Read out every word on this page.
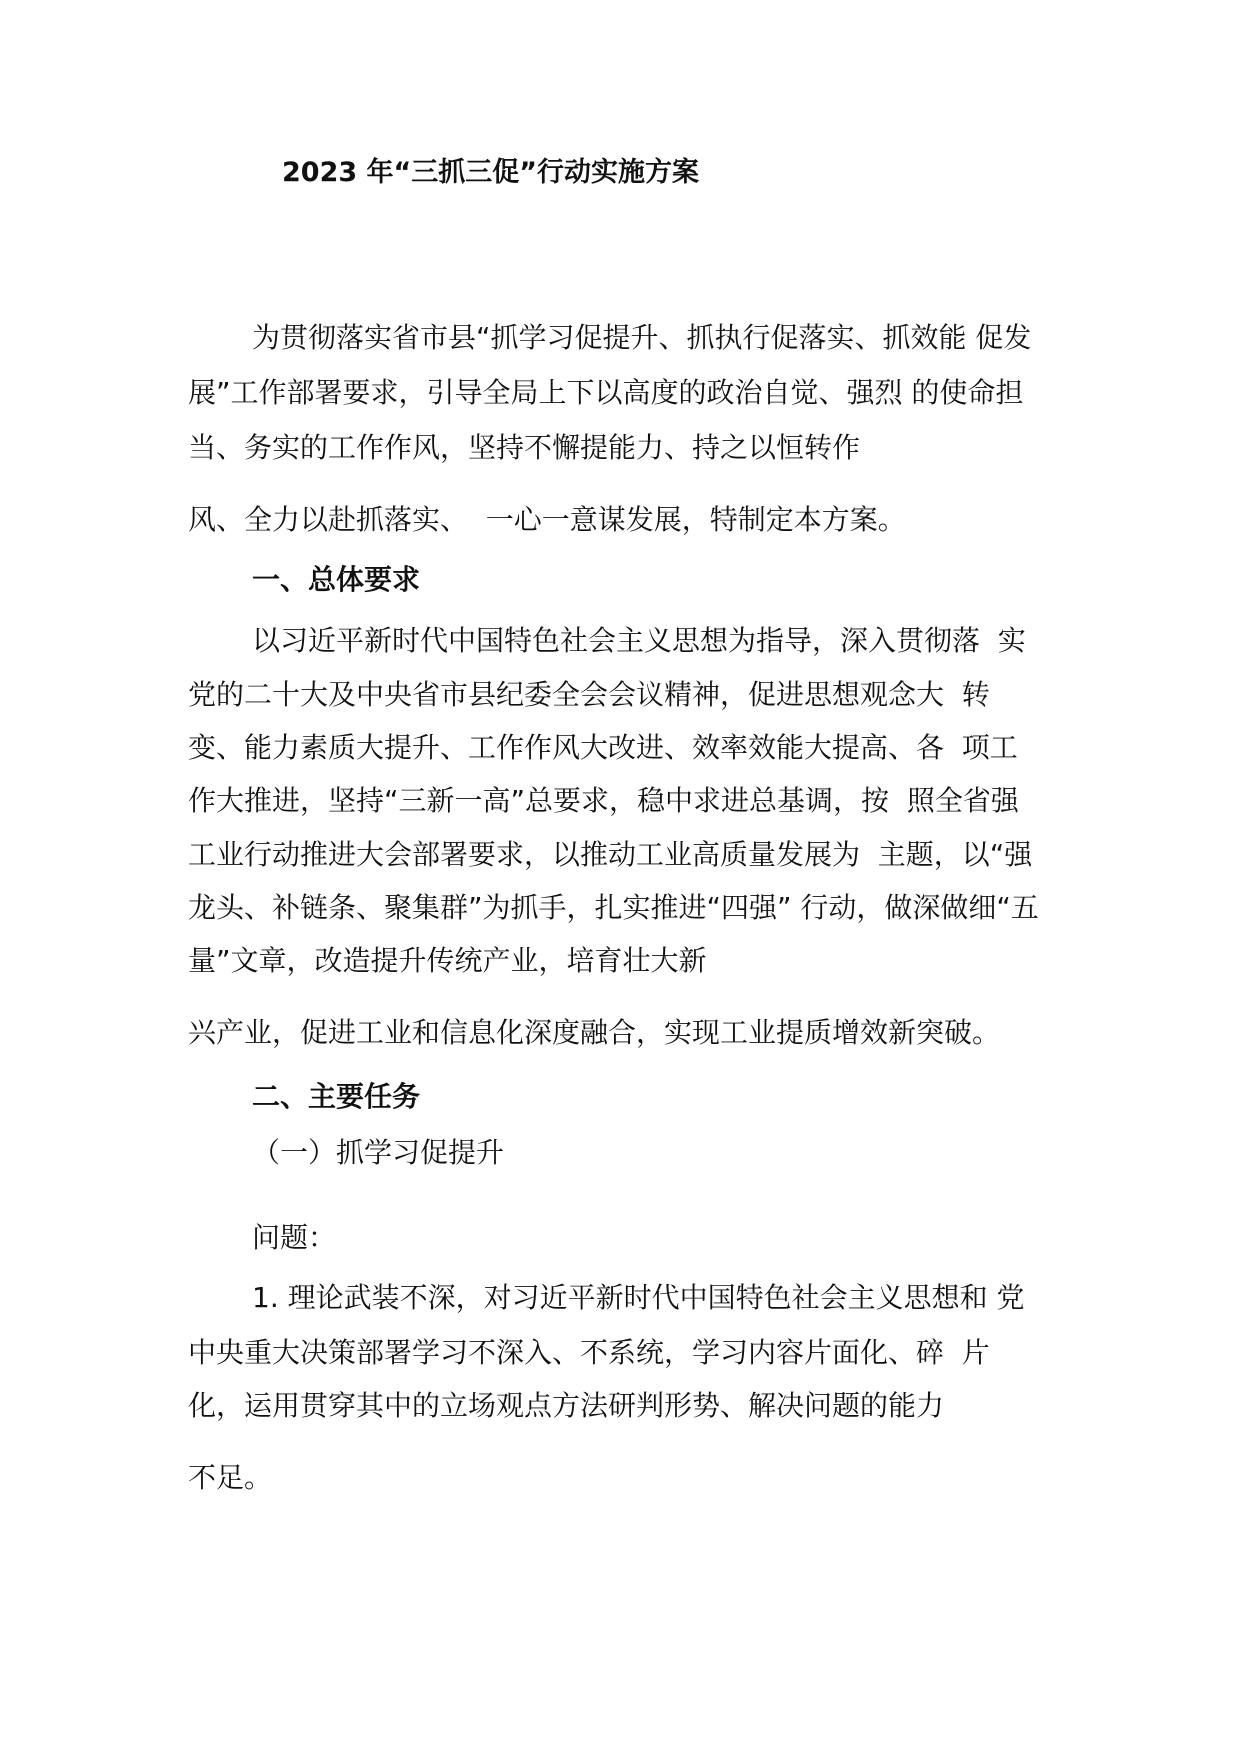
2023 年“三抓三促”行动实施方案
为贯彻落实省市县“抓学习促提升、抓执行促落实、抓效能 促发
展”工作部署要求，引导全局上下以高度的政治自觉、强烈 的使命担
当、务实的工作作风，坚持不懈提能力、持之以恒转作
风、全力以赴抓落实、  一心一意谋发展，特制定本方案。
一、总体要求
以习近平新时代中国特色社会主义思想为指导，深入贯彻落  实
党的二十大及中央省市县纪委全会会议精神，促进思想观念大  转
变、能力素质大提升、工作作风大改进、效率效能大提高、各  项工
作大推进，坚持“三新一高”总要求，稳中求进总基调，按  照全省强
工业行动推进大会部署要求，以推动工业高质量发展为  主题，以“强
龙头、补链条、聚集群”为抓手，扎实推进“四强” 行动，做深做细“五
量”文章，改造提升传统产业，培育壮大新
兴产业，促进工业和信息化深度融合，实现工业提质增效新突破。
二、主要任务
（一）抓学习促提升
问题：
1. 理论武装不深，对习近平新时代中国特色社会主义思想和 党
中央重大决策部署学习不深入、不系统，学习内容片面化、碎  片
化，运用贯穿其中的立场观点方法研判形势、解决问题的能力
不足。
